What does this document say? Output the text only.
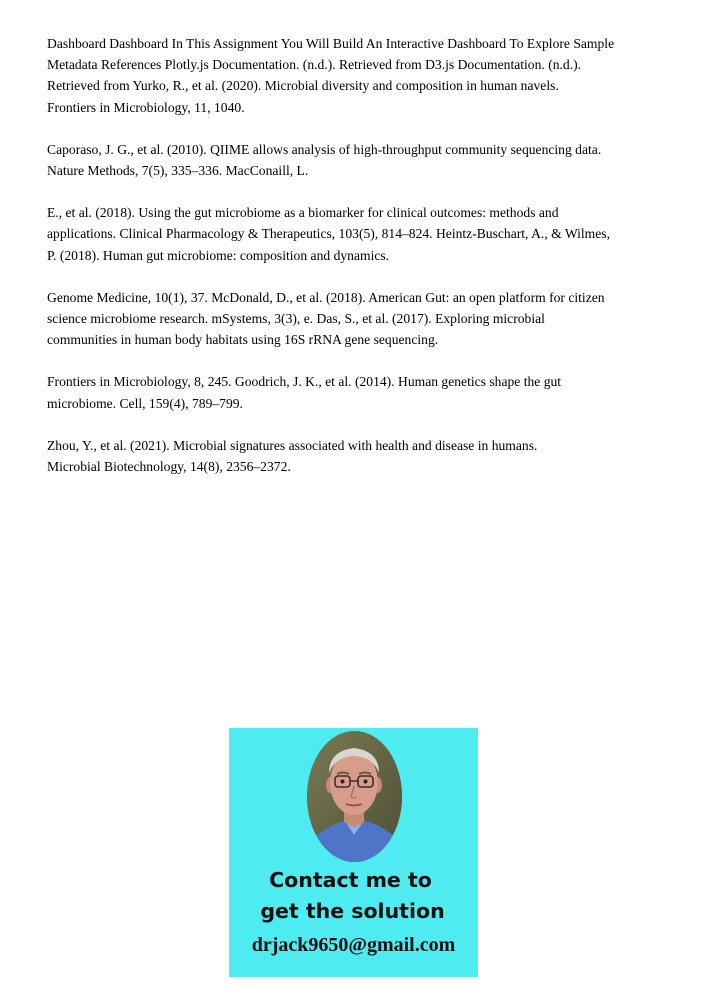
Dashboard Dashboard In This Assignment You Will Build An Interactive Dashboard To Explore Sample
Metadata References Plotly.js Documentation. (n.d.). Retrieved from D3.js Documentation. (n.d.).
Retrieved from Yurko, R., et al. (2020). Microbial diversity and composition in human navels.
Frontiers in Microbiology, 11, 1040.

Caporaso, J. G., et al. (2010). QIIME allows analysis of high-throughput community sequencing data.
Nature Methods, 7(5), 335–336. MacConaill, L.

E., et al. (2018). Using the gut microbiome as a biomarker for clinical outcomes: methods and
applications. Clinical Pharmacology & Therapeutics, 103(5), 814–824. Heintz-Buschart, A., & Wilmes,
P. (2018). Human gut microbiome: composition and dynamics.

Genome Medicine, 10(1), 37. McDonald, D., et al. (2018). American Gut: an open platform for citizen
science microbiome research. mSystems, 3(3), e. Das, S., et al. (2017). Exploring microbial
communities in human body habitats using 16S rRNA gene sequencing.

Frontiers in Microbiology, 8, 245. Goodrich, J. K., et al. (2014). Human genetics shape the gut
microbiome. Cell, 159(4), 789–799.

Zhou, Y., et al. (2021). Microbial signatures associated with health and disease in humans.
Microbial Biotechnology, 14(8), 2356–2372.

Contact me to
get the solution
drjack9650@gmail.com
